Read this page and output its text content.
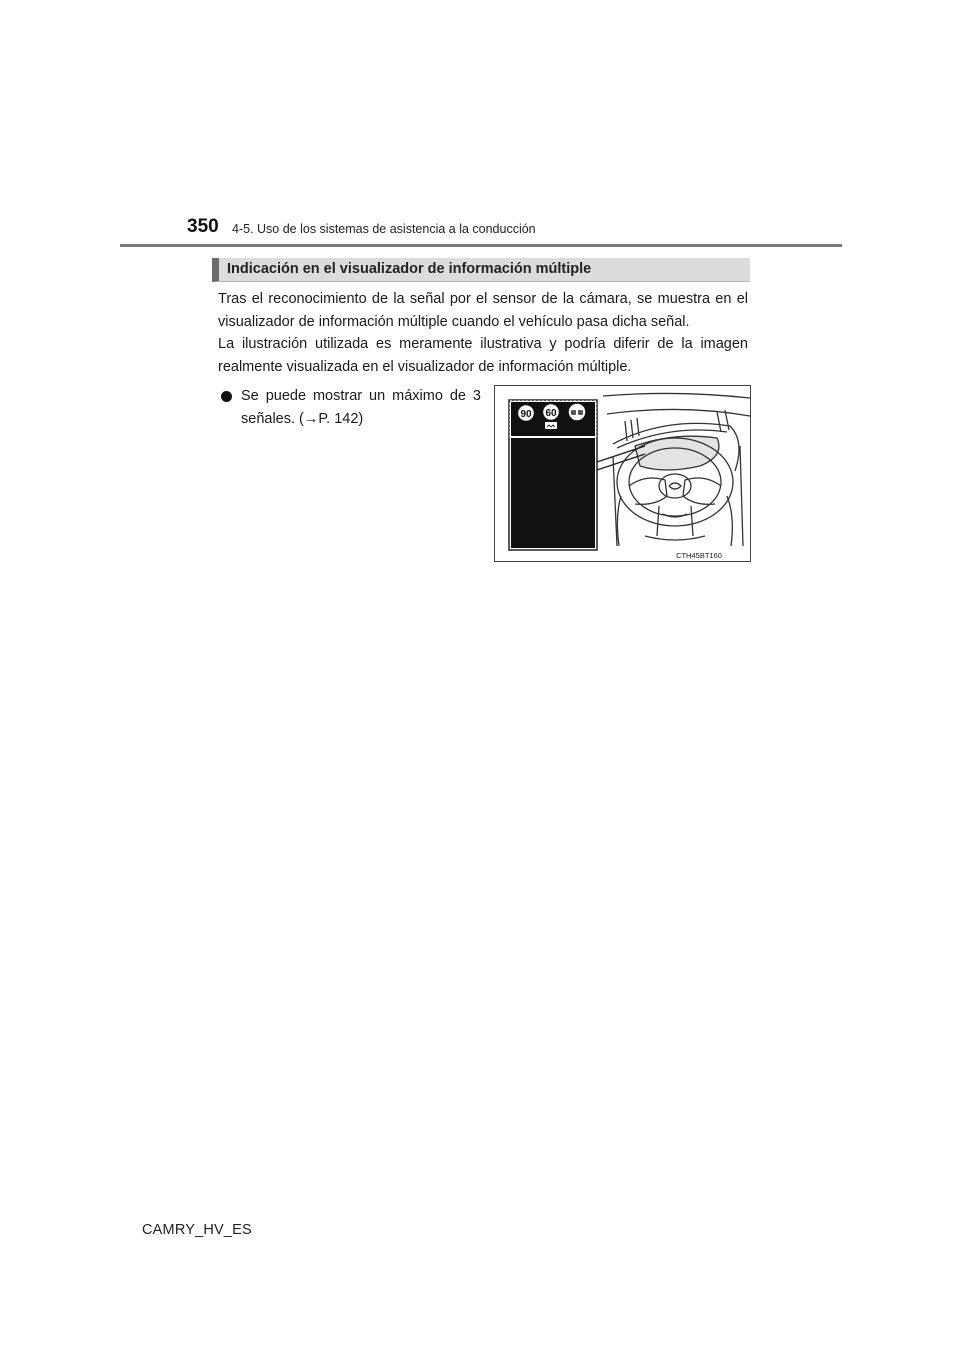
350 4-5. Uso de los sistemas de asistencia a la conducción
Indicación en el visualizador de información múltiple
Tras el reconocimiento de la señal por el sensor de la cámara, se muestra en el visualizador de información múltiple cuando el vehículo pasa dicha señal.
La ilustración utilizada es meramente ilustrativa y podría diferir de la imagen realmente visualizada en el visualizador de información múltiple.
Se puede mostrar un máximo de 3 señales. (→P. 142)	90 60
CTH45BT160
CAMRY_HV_ES
